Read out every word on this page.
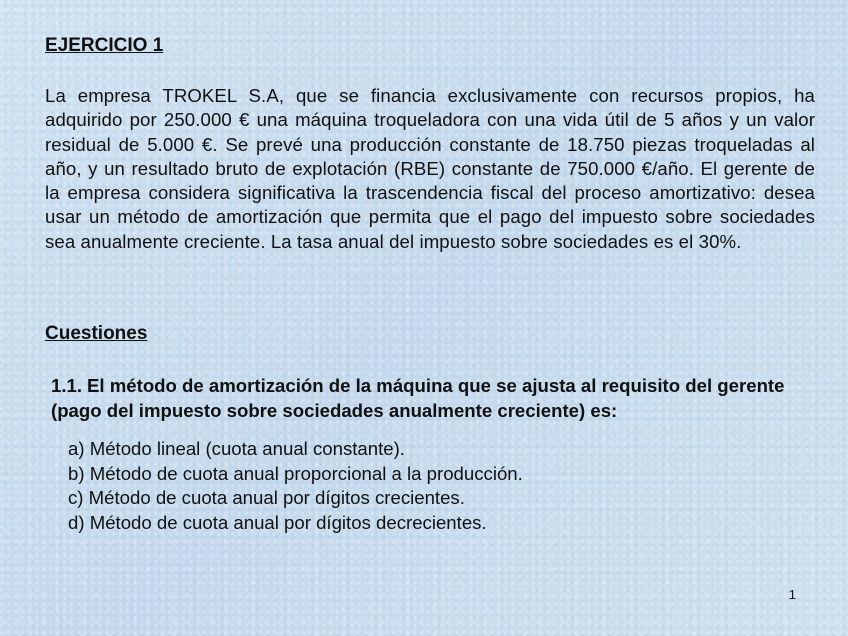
EJERCICIO 1

La empresa TROKEL S.A, que se financia exclusivamente con recursos propios, ha adquirido por 250.000 € una máquina troqueladora con una vida útil de 5 años y un valor residual de 5.000 €. Se prevé una producción constante de 18.750 piezas troqueladas al año, y un resultado bruto de explotación (RBE) constante de 750.000 €/año. El gerente de la empresa considera significativa la trascendencia fiscal del proceso amortizativo: desea usar un método de amortización que permita que el pago del impuesto sobre sociedades sea anualmente creciente. La tasa anual del impuesto sobre sociedades es el 30%.

Cuestiones

1.1. El método de amortización de la máquina que se ajusta al requisito del gerente (pago del impuesto sobre sociedades anualmente creciente) es:

a) Método lineal (cuota anual constante).
b) Método de cuota anual proporcional a la producción.
c) Método de cuota anual por dígitos crecientes.
d) Método de cuota anual por dígitos decrecientes.
1
